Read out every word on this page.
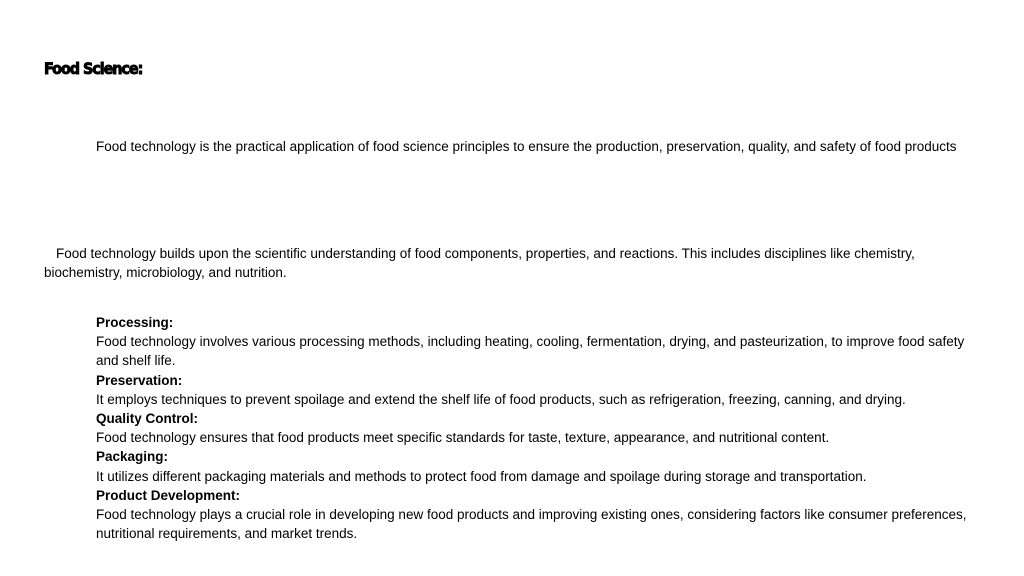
Food Science:

Food technology is the practical application of food science principles to ensure the production, preservation, quality, and safety of food products

Food technology builds upon the scientific understanding of food components, properties, and reactions. This includes disciplines like chemistry, biochemistry, microbiology, and nutrition.

Processing:
Food technology involves various processing methods, including heating, cooling, fermentation, drying, and pasteurization, to improve food safety and shelf life.
Preservation:
It employs techniques to prevent spoilage and extend the shelf life of food products, such as refrigeration, freezing, canning, and drying.
Quality Control:
Food technology ensures that food products meet specific standards for taste, texture, appearance, and nutritional content.
Packaging:
It utilizes different packaging materials and methods to protect food from damage and spoilage during storage and transportation.
Product Development:
Food technology plays a crucial role in developing new food products and improving existing ones, considering factors like consumer preferences, nutritional requirements, and market trends.
